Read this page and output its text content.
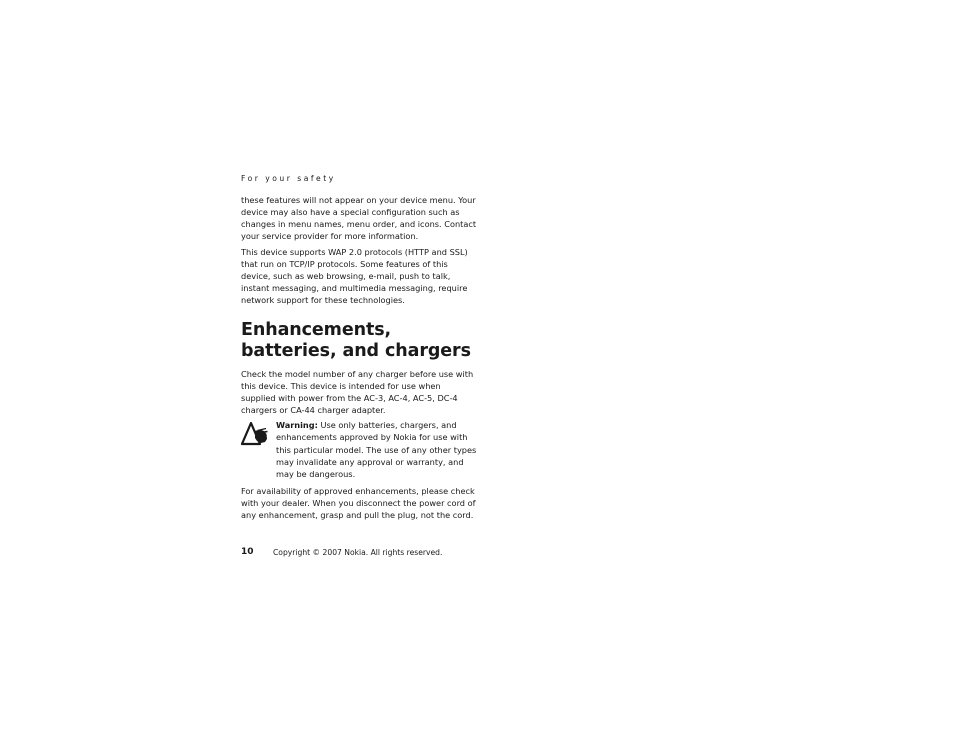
For your safety

these features will not appear on your device menu. Your device may also have a special configuration such as changes in menu names, menu order, and icons. Contact your service provider for more information.

This device supports WAP 2.0 protocols (HTTP and SSL) that run on TCP/IP protocols. Some features of this device, such as web browsing, e-mail, push to talk, instant messaging, and multimedia messaging, require network support for these technologies.

Enhancements, batteries, and chargers

Check the model number of any charger before use with this device. This device is intended for use when supplied with power from the AC-3, AC-4, AC-5, DC-4 chargers or CA-44 charger adapter.

Warning: Use only batteries, chargers, and enhancements approved by Nokia for use with this particular model. The use of any other types may invalidate any approval or warranty, and may be dangerous.

For availability of approved enhancements, please check with your dealer. When you disconnect the power cord of any enhancement, grasp and pull the plug, not the cord.

10	Copyright © 2007 Nokia. All rights reserved.
